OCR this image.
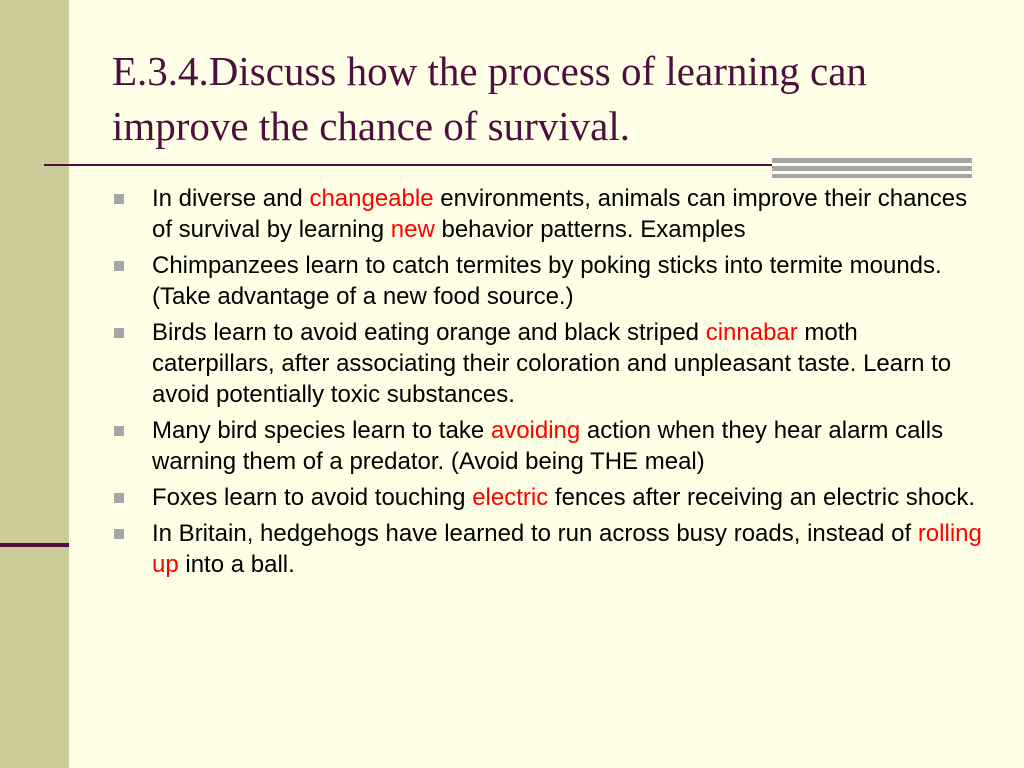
E.3.4.Discuss how the process of learning can improve the chance of survival.
In diverse and changeable environments, animals can improve their chances of survival by learning new behavior patterns. Examples
Chimpanzees learn to catch termites by poking sticks into termite mounds. (Take advantage of a new food source.)
Birds learn to avoid eating orange and black striped cinnabar moth caterpillars, after associating their coloration and unpleasant taste. Learn to avoid potentially toxic substances.
Many bird species learn to take avoiding action when they hear alarm calls warning them of a predator. (Avoid being THE meal)
Foxes learn to avoid touching electric fences after receiving an electric shock.
In Britain, hedgehogs have learned to run across busy roads, instead of rolling up into a ball.
